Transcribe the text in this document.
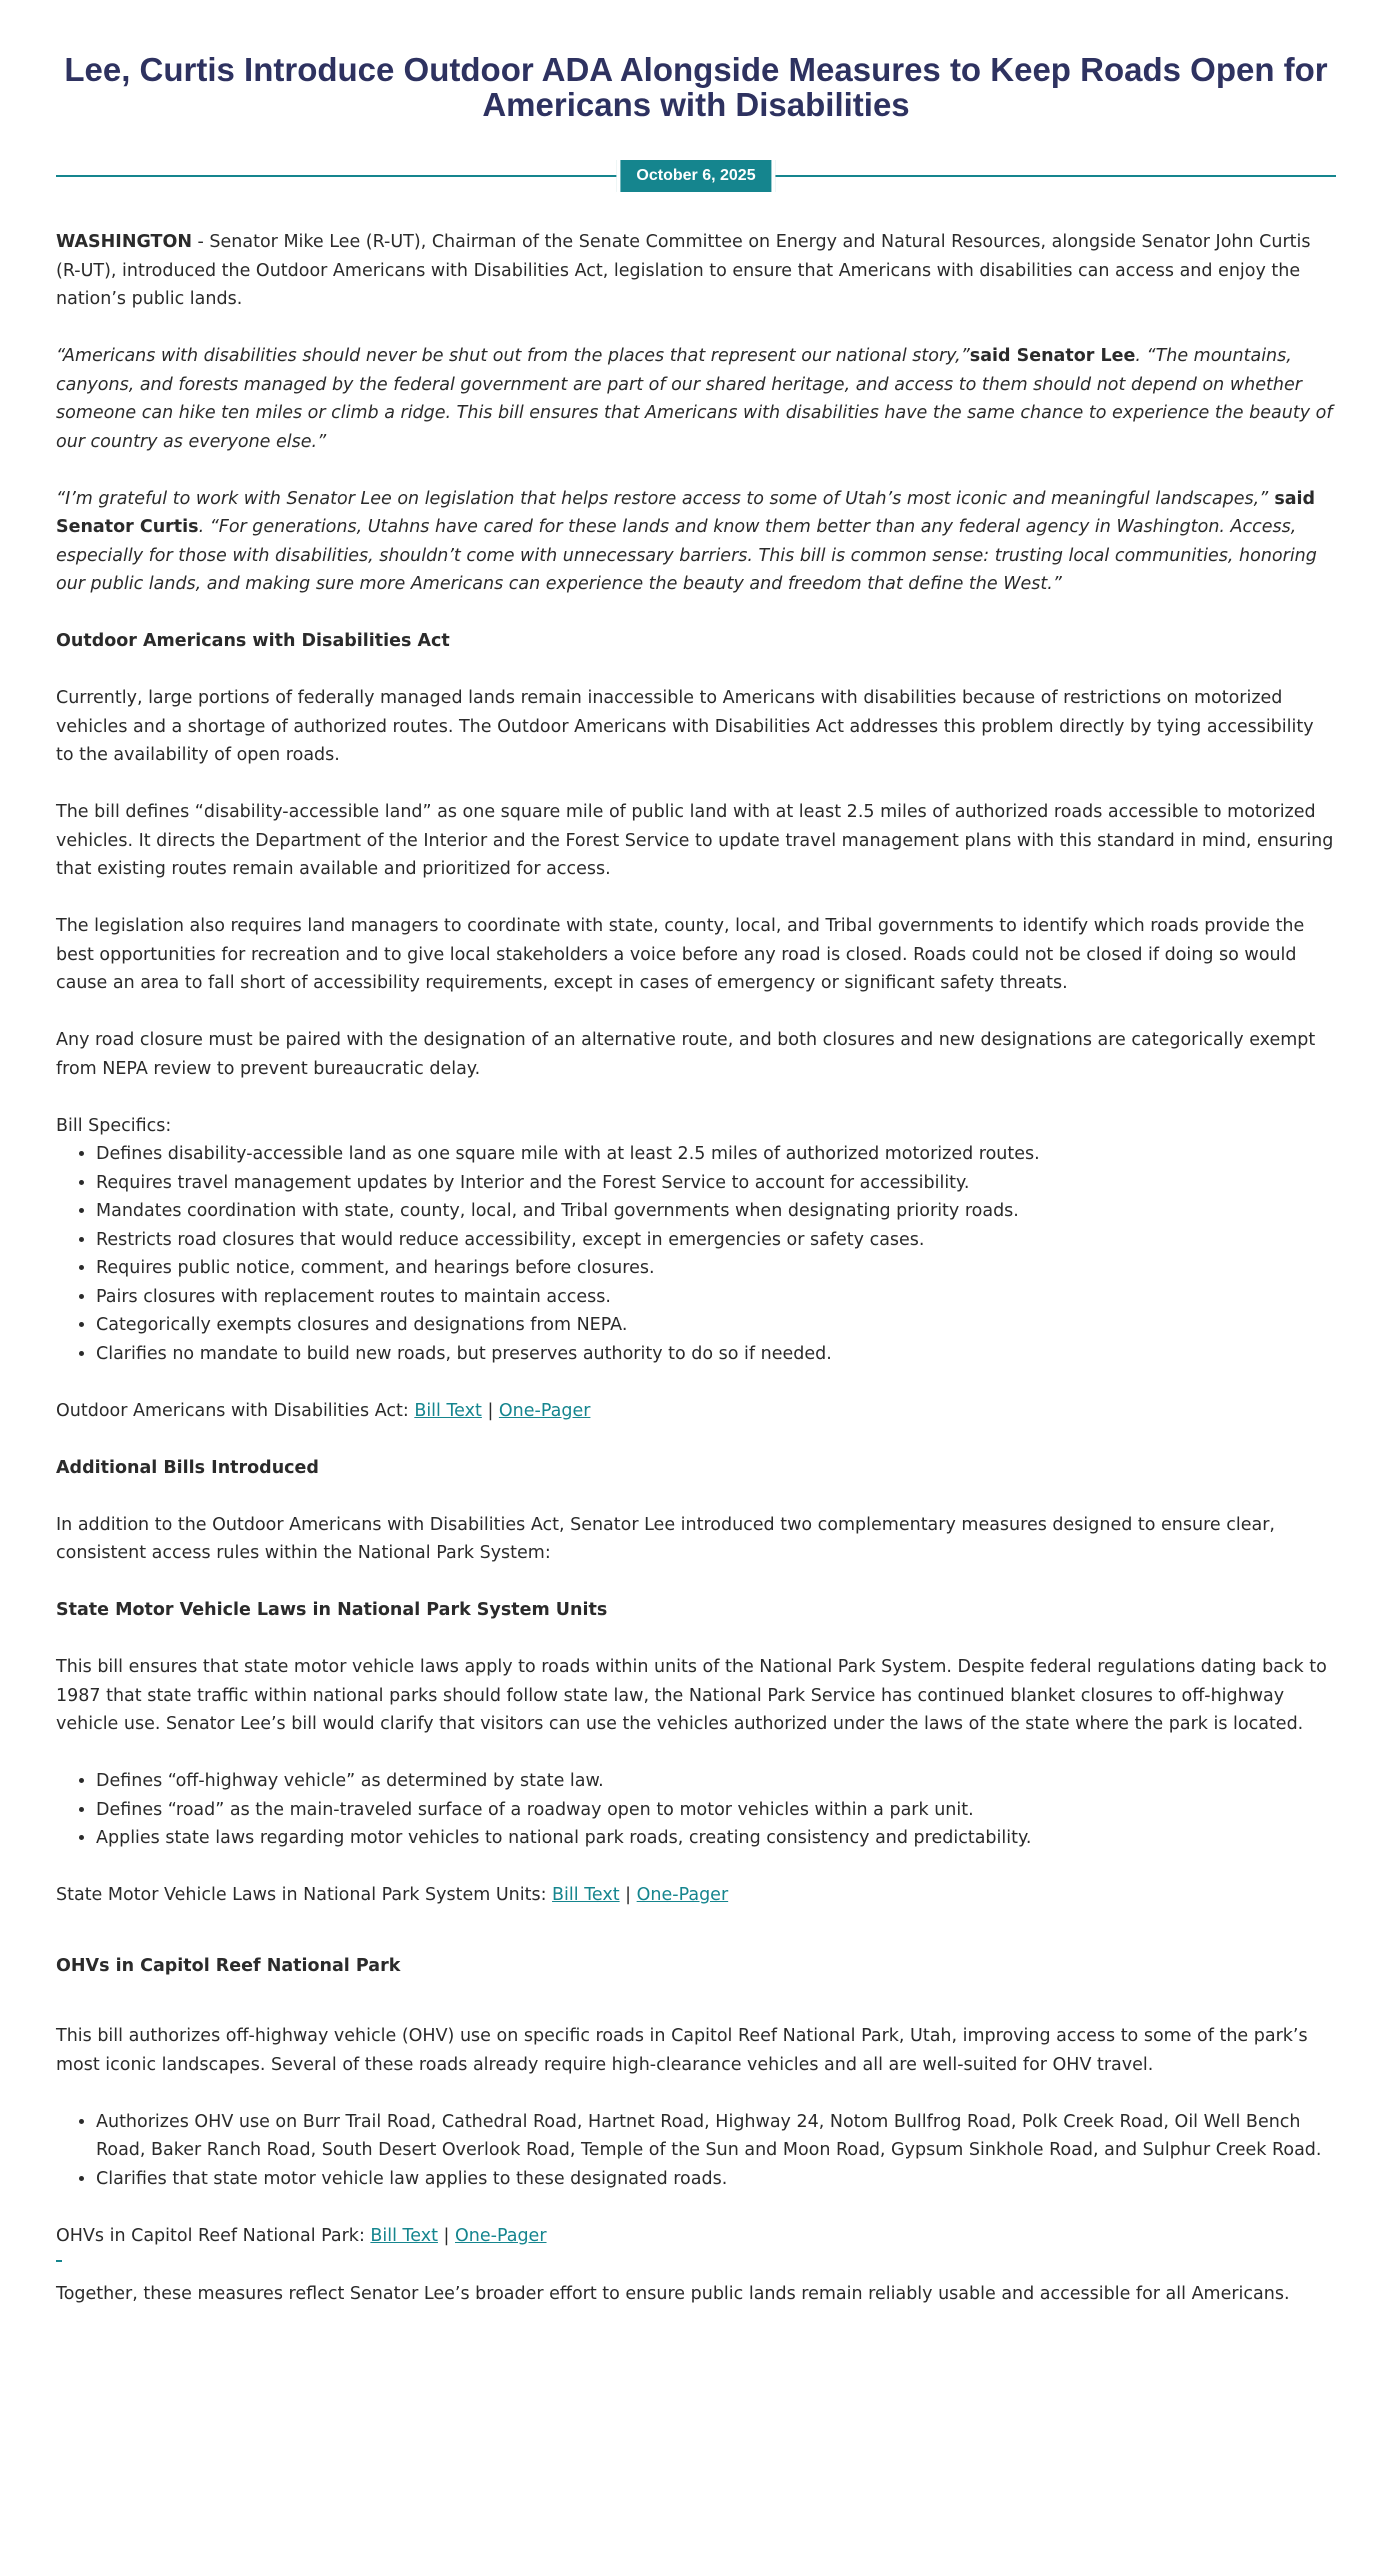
Lee, Curtis Introduce Outdoor ADA Alongside Measures to Keep Roads Open for Americans with Disabilities
October 6, 2025

WASHINGTON - Senator Mike Lee (R-UT), Chairman of the Senate Committee on Energy and Natural Resources, alongside Senator John Curtis (R-UT), introduced the Outdoor Americans with Disabilities Act, legislation to ensure that Americans with disabilities can access and enjoy the nation’s public lands.

“Americans with disabilities should never be shut out from the places that represent our national story,”said Senator Lee. “The mountains, canyons, and forests managed by the federal government are part of our shared heritage, and access to them should not depend on whether someone can hike ten miles or climb a ridge. This bill ensures that Americans with disabilities have the same chance to experience the beauty of our country as everyone else.”

“I’m grateful to work with Senator Lee on legislation that helps restore access to some of Utah’s most iconic and meaningful landscapes,” said Senator Curtis. “For generations, Utahns have cared for these lands and know them better than any federal agency in Washington. Access, especially for those with disabilities, shouldn’t come with unnecessary barriers. This bill is common sense: trusting local communities, honoring our public lands, and making sure more Americans can experience the beauty and freedom that define the West.”

Outdoor Americans with Disabilities Act

Currently, large portions of federally managed lands remain inaccessible to Americans with disabilities because of restrictions on motorized vehicles and a shortage of authorized routes. The Outdoor Americans with Disabilities Act addresses this problem directly by tying accessibility to the availability of open roads.

The bill defines “disability-accessible land” as one square mile of public land with at least 2.5 miles of authorized roads accessible to motorized vehicles. It directs the Department of the Interior and the Forest Service to update travel management plans with this standard in mind, ensuring that existing routes remain available and prioritized for access.

The legislation also requires land managers to coordinate with state, county, local, and Tribal governments to identify which roads provide the best opportunities for recreation and to give local stakeholders a voice before any road is closed. Roads could not be closed if doing so would cause an area to fall short of accessibility requirements, except in cases of emergency or significant safety threats.

Any road closure must be paired with the designation of an alternative route, and both closures and new designations are categorically exempt from NEPA review to prevent bureaucratic delay.

Bill Specifics:

• Defines disability-accessible land as one square mile with at least 2.5 miles of authorized motorized routes.
• Requires travel management updates by Interior and the Forest Service to account for accessibility.
• Mandates coordination with state, county, local, and Tribal governments when designating priority roads.
• Restricts road closures that would reduce accessibility, except in emergencies or safety cases.
• Requires public notice, comment, and hearings before closures.
• Pairs closures with replacement routes to maintain access.
• Categorically exempts closures and designations from NEPA.
• Clarifies no mandate to build new roads, but preserves authority to do so if needed.

Outdoor Americans with Disabilities Act: Bill Text | One-Pager

Additional Bills Introduced

In addition to the Outdoor Americans with Disabilities Act, Senator Lee introduced two complementary measures designed to ensure clear, consistent access rules within the National Park System:

State Motor Vehicle Laws in National Park System Units

This bill ensures that state motor vehicle laws apply to roads within units of the National Park System. Despite federal regulations dating back to 1987 that state traffic within national parks should follow state law, the National Park Service has continued blanket closures to off-highway vehicle use. Senator Lee’s bill would clarify that visitors can use the vehicles authorized under the laws of the state where the park is located.

• Defines “off-highway vehicle” as determined by state law.
• Defines “road” as the main-traveled surface of a roadway open to motor vehicles within a park unit.
• Applies state laws regarding motor vehicles to national park roads, creating consistency and predictability.

State Motor Vehicle Laws in National Park System Units: Bill Text | One-Pager

OHVs in Capitol Reef National Park

This bill authorizes off-highway vehicle (OHV) use on specific roads in Capitol Reef National Park, Utah, improving access to some of the park’s most iconic landscapes. Several of these roads already require high-clearance vehicles and all are well-suited for OHV travel.

• Authorizes OHV use on Burr Trail Road, Cathedral Road, Hartnet Road, Highway 24, Notom Bullfrog Road, Polk Creek Road, Oil Well Bench Road, Baker Ranch Road, South Desert Overlook Road, Temple of the Sun and Moon Road, Gypsum Sinkhole Road, and Sulphur Creek Road.
• Clarifies that state motor vehicle law applies to these designated roads.

OHVs in Capitol Reef National Park: Bill Text | One-Pager

Together, these measures reflect Senator Lee’s broader effort to ensure public lands remain reliably usable and accessible for all Americans.
